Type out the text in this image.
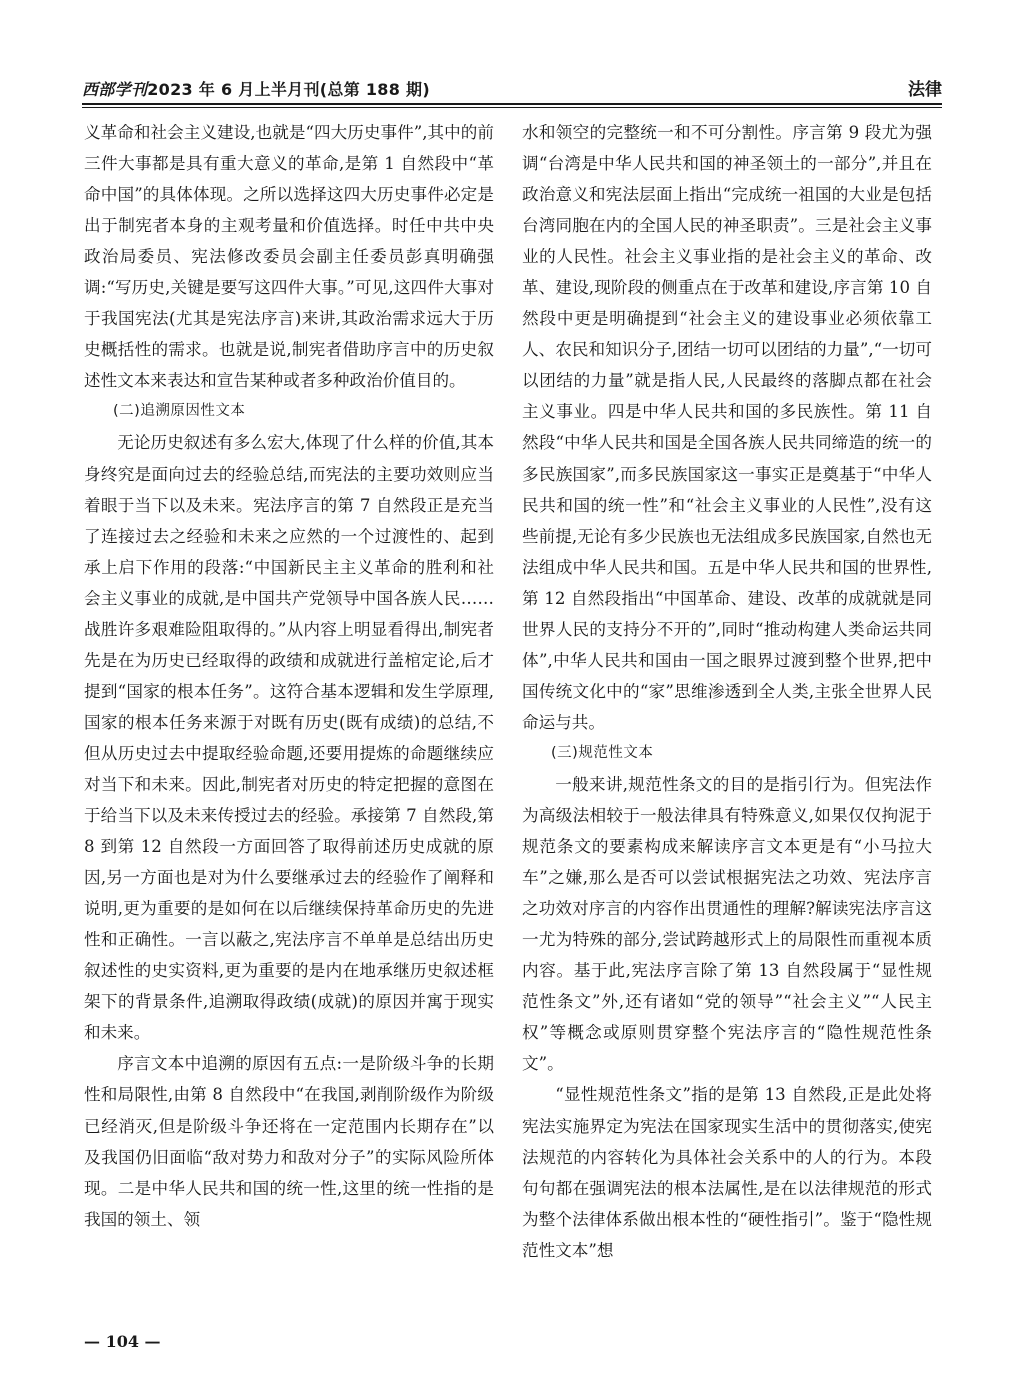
西部学刊2023 年 6 月上半月刊(总第 188 期)	法律

义革命和社会主义建设,也就是“四大历史事件”,其中的前三件大事都是具有重大意义的革命,是第 1 自然段中“革命中国”的具体体现。之所以选择这四大历史事件必定是出于制宪者本身的主观考量和价值选择。时任中共中央政治局委员、宪法修改委员会副主任委员彭真明确强调:“写历史,关键是要写这四件大事。”可见,这四件大事对于我国宪法(尤其是宪法序言)来讲,其政治需求远大于历史概括性的需求。也就是说,制宪者借助序言中的历史叙述性文本来表达和宣告某种或者多种政治价值目的。

(二)追溯原因性文本

无论历史叙述有多么宏大,体现了什么样的价值,其本身终究是面向过去的经验总结,而宪法的主要功效则应当着眼于当下以及未来。宪法序言的第 7 自然段正是充当了连接过去之经验和未来之应然的一个过渡性的、起到承上启下作用的段落:“中国新民主主义革命的胜利和社会主义事业的成就,是中国共产党领导中国各族人民……战胜许多艰难险阻取得的。”从内容上明显看得出,制宪者先是在为历史已经取得的政绩和成就进行盖棺定论,后才提到“国家的根本任务”。这符合基本逻辑和发生学原理,国家的根本任务来源于对既有历史(既有成绩)的总结,不但从历史过去中提取经验命题,还要用提炼的命题继续应对当下和未来。因此,制宪者对历史的特定把握的意图在于给当下以及未来传授过去的经验。承接第 7 自然段,第 8 到第 12 自然段一方面回答了取得前述历史成就的原因,另一方面也是对为什么要继承过去的经验作了阐释和说明,更为重要的是如何在以后继续保持革命历史的先进性和正确性。一言以蔽之,宪法序言不单单是总结出历史叙述性的史实资料,更为重要的是内在地承继历史叙述框架下的背景条件,追溯取得政绩(成就)的原因并寓于现实和未来。

序言文本中追溯的原因有五点:一是阶级斗争的长期性和局限性,由第 8 自然段中“在我国,剥削阶级作为阶级已经消灭,但是阶级斗争还将在一定范围内长期存在”以及我国仍旧面临“敌对势力和敌对分子”的实际风险所体现。二是中华人民共和国的统一性,这里的统一性指的是我国的领土、领

水和领空的完整统一和不可分割性。序言第 9 段尤为强调“台湾是中华人民共和国的神圣领土的一部分”,并且在政治意义和宪法层面上指出“完成统一祖国的大业是包括台湾同胞在内的全国人民的神圣职责”。三是社会主义事业的人民性。社会主义事业指的是社会主义的革命、改革、建设,现阶段的侧重点在于改革和建设,序言第 10 自然段中更是明确提到“社会主义的建设事业必须依靠工人、农民和知识分子,团结一切可以团结的力量”,“一切可以团结的力量”就是指人民,人民最终的落脚点都在社会主义事业。四是中华人民共和国的多民族性。第 11 自然段“中华人民共和国是全国各族人民共同缔造的统一的多民族国家”,而多民族国家这一事实正是奠基于“中华人民共和国的统一性”和“社会主义事业的人民性”,没有这些前提,无论有多少民族也无法组成多民族国家,自然也无法组成中华人民共和国。五是中华人民共和国的世界性,第 12 自然段指出“中国革命、建设、改革的成就就是同世界人民的支持分不开的”,同时“推动构建人类命运共同体”,中华人民共和国由一国之眼界过渡到整个世界,把中国传统文化中的“家”思维渗透到全人类,主张全世界人民命运与共。

(三)规范性文本

一般来讲,规范性条文的目的是指引行为。但宪法作为高级法相较于一般法律具有特殊意义,如果仅仅拘泥于规范条文的要素构成来解读序言文本更是有“小马拉大车”之嫌,那么是否可以尝试根据宪法之功效、宪法序言之功效对序言的内容作出贯通性的理解?解读宪法序言这一尤为特殊的部分,尝试跨越形式上的局限性而重视本质内容。基于此,宪法序言除了第 13 自然段属于“显性规范性条文”外,还有诸如“党的领导”“社会主义”“人民主权”等概念或原则贯穿整个宪法序言的“隐性规范性条文”。

“显性规范性条文”指的是第 13 自然段,正是此处将宪法实施界定为宪法在国家现实生活中的贯彻落实,使宪法规范的内容转化为具体社会关系中的人的行为。本段句句都在强调宪法的根本法属性,是在以法律规范的形式为整个法律体系做出根本性的“硬性指引”。鉴于“隐性规范性文本”想

— 104 —
